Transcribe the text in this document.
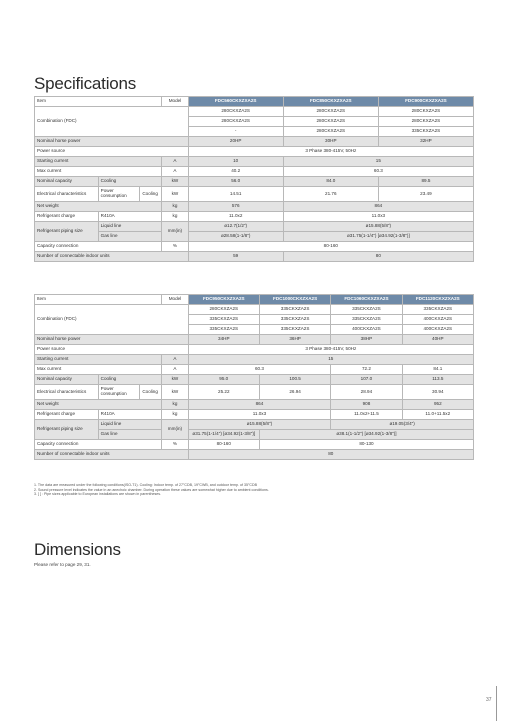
Specifications
Item			Model	FDC560CKXZXA2S	FDC850CKXZXA2S	FDC900CKXZXA2S
Combination (FDC)				280CKXZA2S	280CKXZA2S	280CKXZA2S
				280CKXZA2S	280CKXZA2S	280CKXZA2S
				-	280CKXZA2S	335CKXZA2S
Nominal horse power				20HP	30HP	32HP
Power source				3 Phase 380-415V, 50Hz		
Starting current			A	10	15	
Max current			A	40.2	60.3	
Nominal capacity	Cooling		kW	56.0	84.0	89.5
Electrical characteristics	Power consumption	Cooling	kW	14.51	21.76	23.49
Net weight			kg	576	864	
Refrigerant charge	R410A		kg	11.0x2	11.0x3	
Refrigerant piping size	Liquid line		mm(in)	ø12.7(1/2")	ø15.88(5/8")	
	Gas line			ø28.58(1-1/8")	ø31.75(1-1/4") [ø34.92(1-3/8")]	
Capacity connection			%	80-160		
Number of connectable indoor units				59	80	
Item			Model	FDC950CKXZXA2S	FDC1000CKXZXA2S	FDC1060CKXZXA2S	FDC1120CKXZXA2S
Combination (FDC)				280CKXZA2S	335CKXZA2S	335CKXZA2S	335CKXZA2S
				335CKXZA2S	335CKXZA2S	335CKXZA2S	400CKXZA2S
				335CKXZA2S	335CKXZA2S	400CKXZA2S	400CKXZA2S
Nominal horse power				34HP	36HP	38HP	40HP
Power source				3 Phase 380-415V, 50Hz			
Starting current			A	15			
Max current			A	60.3		72.2	84.1
Nominal capacity	Cooling		kW	95.0	100.5	107.0	113.5
Electrical characteristics	Power consumption	Cooling	kW	25.22	26.94	28.94	30.94
Net weight			kg	864		908	952
Refrigerant charge	R410A		kg	11.0x3		11.0x2+11.5	11.0+11.5x2
Refrigerant piping size	Liquid line		mm(in)	ø15.88(5/8")		ø19.05(3/4")	
	Gas line			ø31.75(1-1/4") [ø34.92(1-3/8")]	ø38.1(1-1/2") [ø34.92(1-3/8")]		
Capacity connection			%	80-160	80-130		
Number of connectable indoor units				80			
1. The data are measured under the following conditions(ISO-T1). Cooling: Indoor temp. of 27°CDB, 19°CWB, and outdoor temp. of 35°CDB
2. Sound pressure level indicates the value in an anechoic chamber. During operation these values are somewhat higher due to ambient conditions.
3. [ ] : Pipe sizes applicable to European installations are shown in parentheses.
Dimensions
Please refer to page 29, 31.
37
